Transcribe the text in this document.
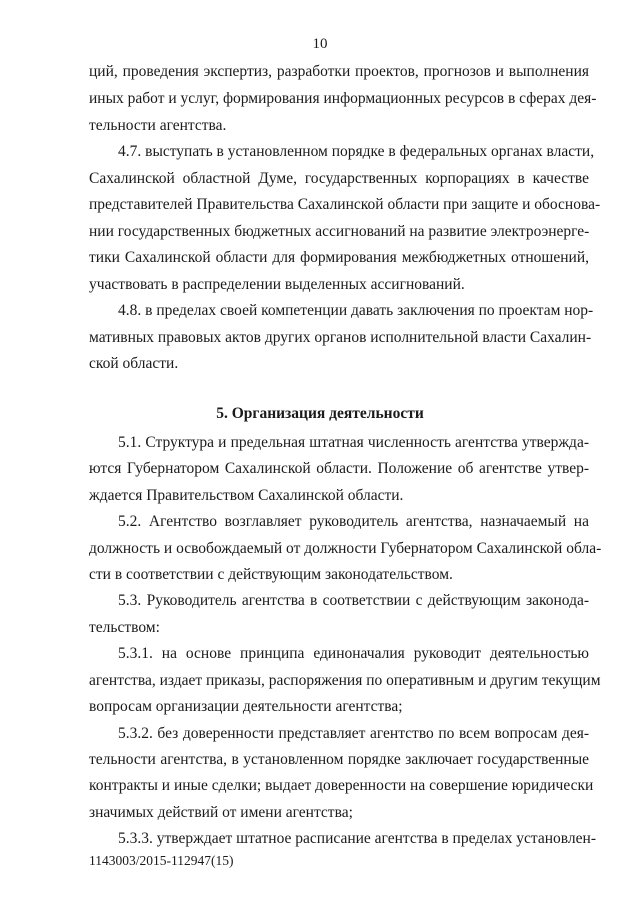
10
ций, проведения экспертиз, разработки проектов, прогнозов и выполнения
иных работ и услуг, формирования информационных ресурсов в сферах дея-
тельности агентства.
4.7. выступать в установленном порядке в федеральных органах власти,
Сахалинской областной Думе, государственных корпорациях в качестве
представителей Правительства Сахалинской области при защите и обоснова-
нии государственных бюджетных ассигнований на развитие электроэнерге-
тики Сахалинской области для формирования межбюджетных отношений,
участвовать в распределении выделенных ассигнований.
4.8. в пределах своей компетенции давать заключения по проектам нор-
мативных правовых актов других органов исполнительной власти Сахалин-
ской области.
5. Организация деятельности
5.1. Структура и предельная штатная численность агентства утвержда-
ются Губернатором Сахалинской области. Положение об агентстве утвер-
ждается Правительством Сахалинской области.
5.2. Агентство возглавляет руководитель агентства, назначаемый на
должность и освобождаемый от должности Губернатором Сахалинской обла-
сти в соответствии с действующим законодательством.
5.3. Руководитель агентства в соответствии с действующим законода-
тельством:
5.3.1. на основе принципа единоначалия руководит деятельностью
агентства, издает приказы, распоряжения по оперативным и другим текущим
вопросам организации деятельности агентства;
5.3.2. без доверенности представляет агентство по всем вопросам дея-
тельности агентства, в установленном порядке заключает государственные
контракты и иные сделки; выдает доверенности на совершение юридически
значимых действий от имени агентства;
5.3.3. утверждает штатное расписание агентства в пределах установлен-
1143003/2015-112947(15)
